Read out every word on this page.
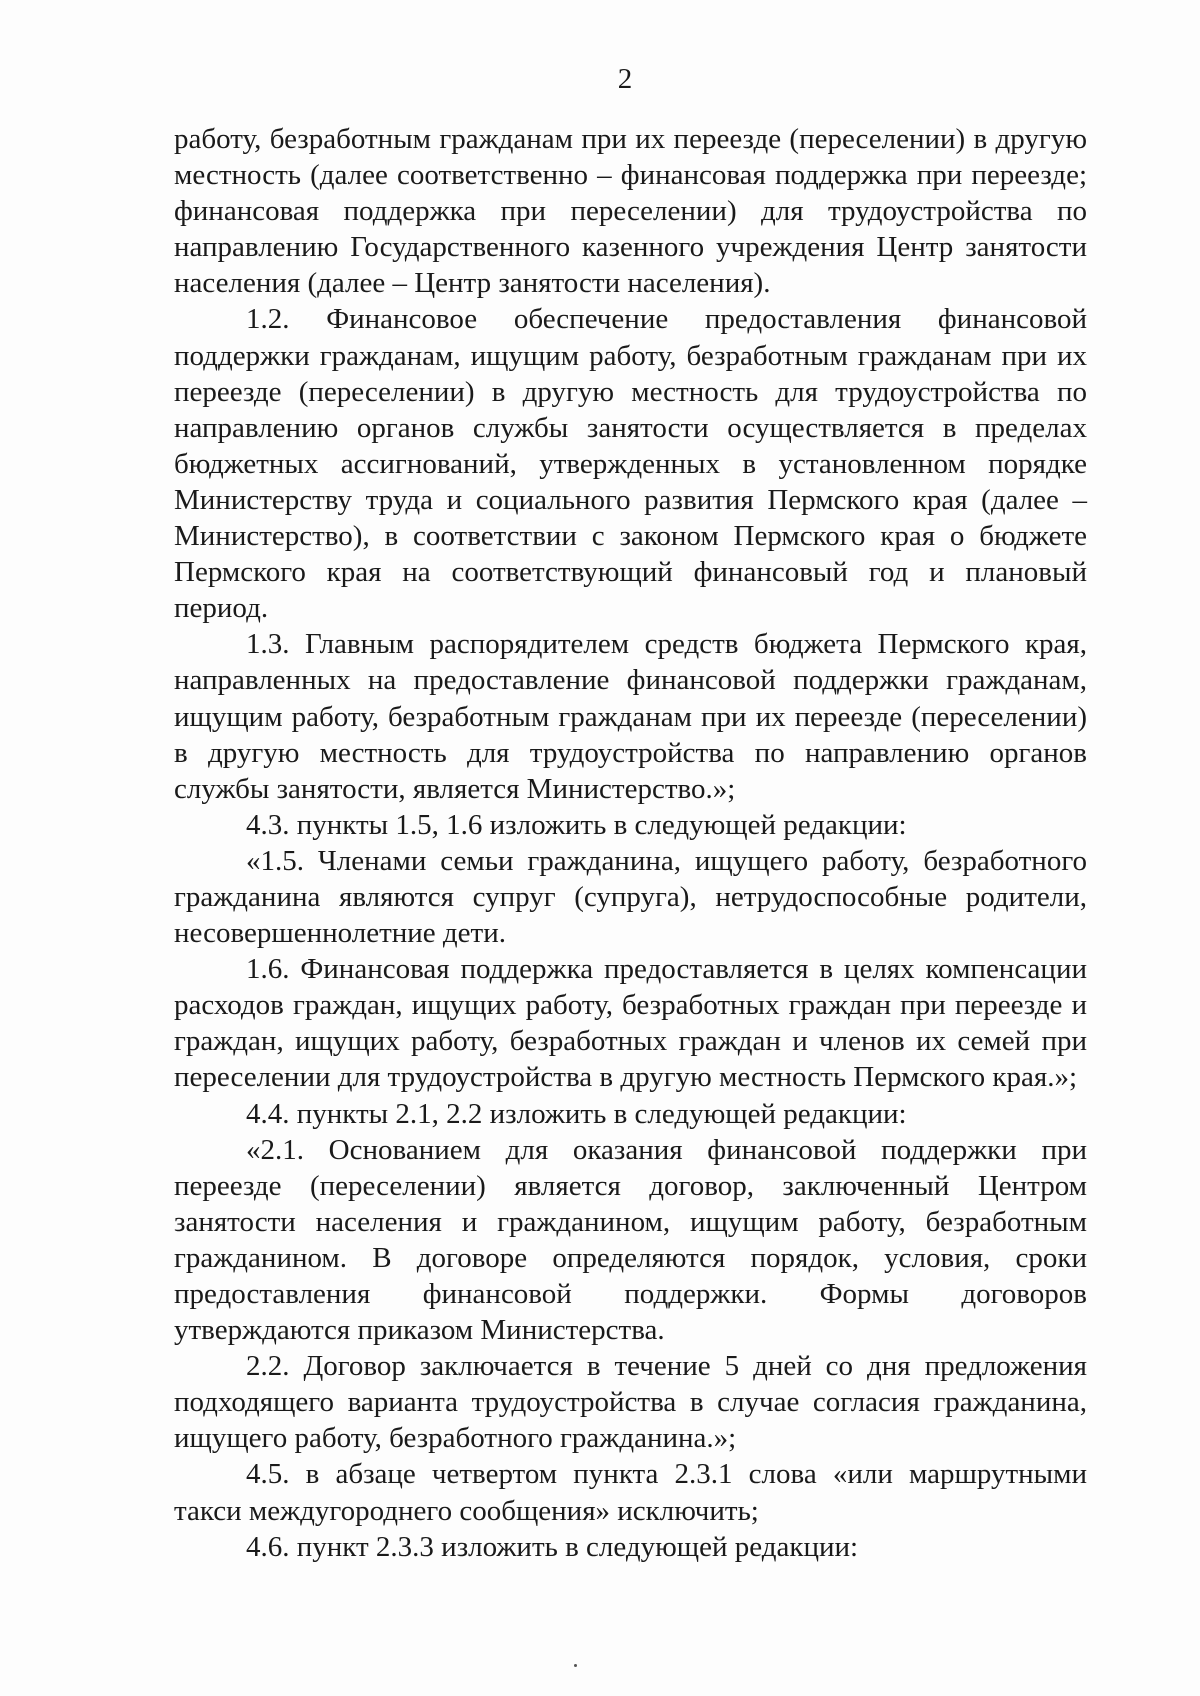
2

работу, безработным гражданам при их переезде (переселении) в другую местность (далее соответственно – финансовая поддержка при переезде; финансовая поддержка при переселении) для трудоустройства по направлению Государственного казенного учреждения Центр занятости населения (далее – Центр занятости населения).

1.2. Финансовое обеспечение предоставления финансовой поддержки гражданам, ищущим работу, безработным гражданам при их переезде (переселении) в другую местность для трудоустройства по направлению органов службы занятости осуществляется в пределах бюджетных ассигнований, утвержденных в установленном порядке Министерству труда и социального развития Пермского края (далее – Министерство), в соответствии с законом Пермского края о бюджете Пермского края на соответствующий финансовый год и плановый период.

1.3. Главным распорядителем средств бюджета Пермского края, направленных на предоставление финансовой поддержки гражданам, ищущим работу, безработным гражданам при их переезде (переселении) в другую местность для трудоустройства по направлению органов службы занятости, является Министерство.»;

4.3. пункты 1.5, 1.6 изложить в следующей редакции:

«1.5. Членами семьи гражданина, ищущего работу, безработного гражданина являются супруг (супруга), нетрудоспособные родители, несовершеннолетние дети.

1.6. Финансовая поддержка предоставляется в целях компенсации расходов граждан, ищущих работу, безработных граждан при переезде и граждан, ищущих работу, безработных граждан и членов их семей при переселении для трудоустройства в другую местность Пермского края.»;

4.4. пункты 2.1, 2.2 изложить в следующей редакции:

«2.1. Основанием для оказания финансовой поддержки при переезде (переселении) является договор, заключенный Центром занятости населения и гражданином, ищущим работу, безработным гражданином. В договоре определяются порядок, условия, сроки предоставления финансовой поддержки. Формы договоров утверждаются приказом Министерства.

2.2. Договор заключается в течение 5 дней со дня предложения подходящего варианта трудоустройства в случае согласия гражданина, ищущего работу, безработного гражданина.»;

4.5. в абзаце четвертом пункта 2.3.1 слова «или маршрутными такси междугороднего сообщения» исключить;

4.6. пункт 2.3.3 изложить в следующей редакции:
